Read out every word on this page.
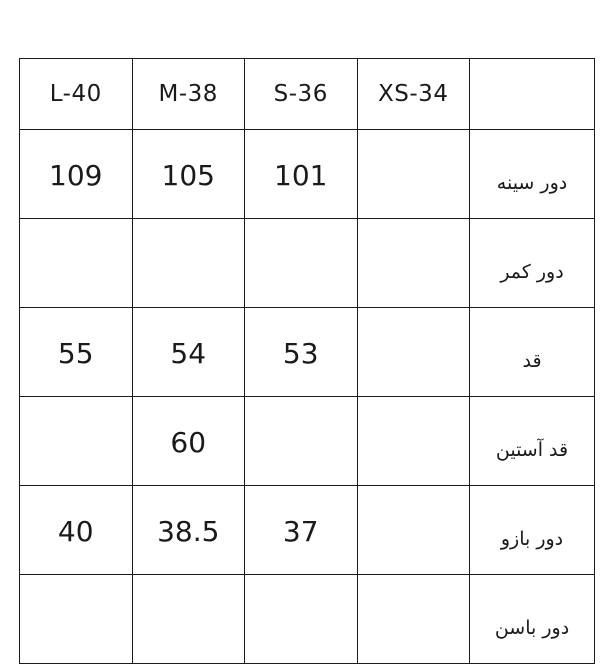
L-40	M-38	S-36	XS-34	
109	105	101		دور سینه
				دور کمر
55	54	53		قد
	60			قد آستین
40	38.5	37		دور بازو
				دور باسن
